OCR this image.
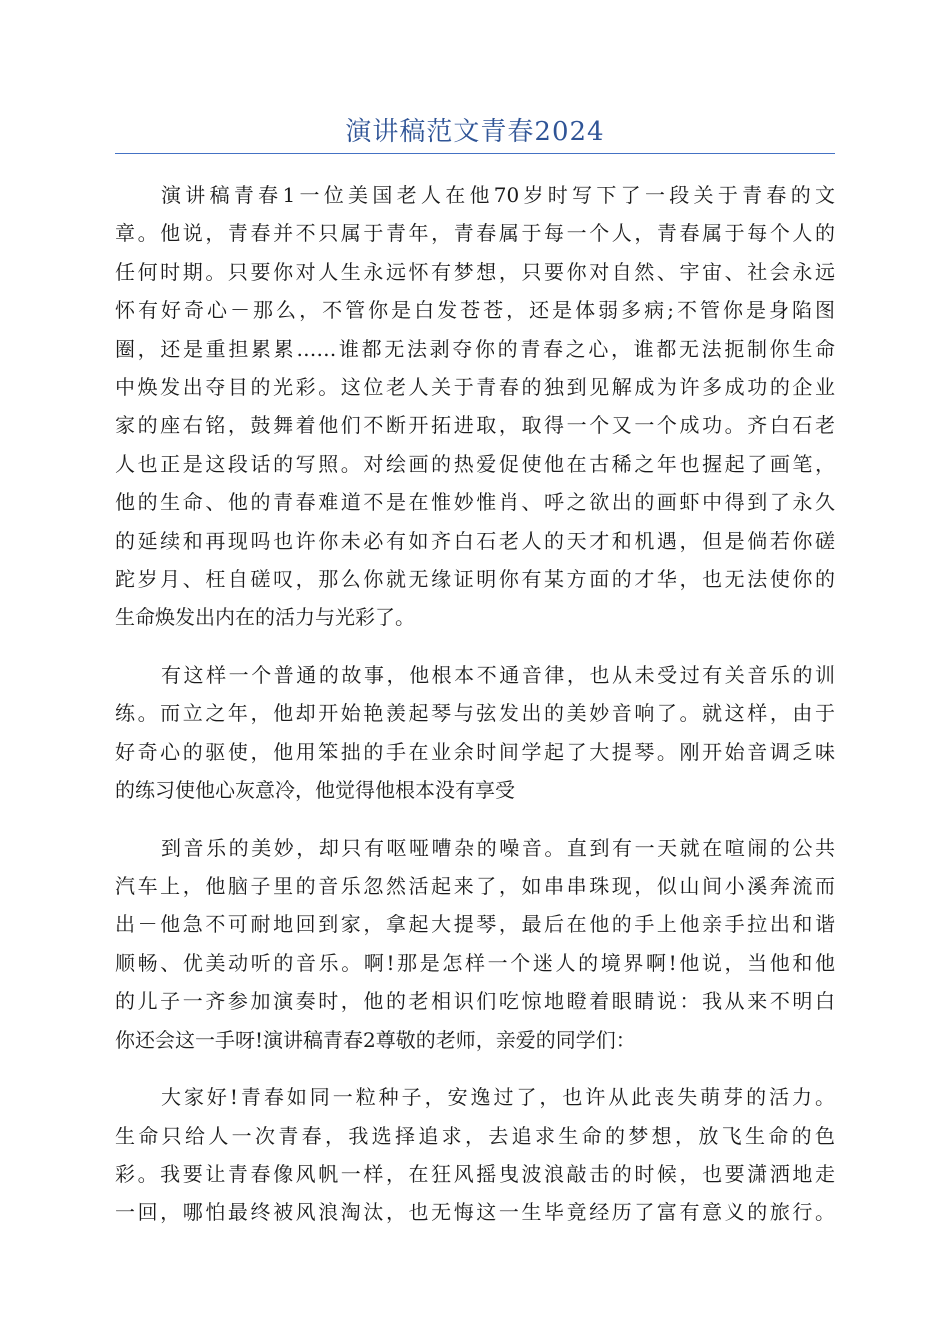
演讲稿范文青春2024
演讲稿青春1一位美国老人在他70岁时写下了一段关于青春的文
章。他说，青春并不只属于青年，青春属于每一个人，青春属于每个人的
任何时期。只要你对人生永远怀有梦想，只要你对自然、宇宙、社会永远
怀有好奇心－那么，不管你是白发苍苍，还是体弱多病;不管你是身陷图
圈，还是重担累累……谁都无法剥夺你的青春之心，谁都无法扼制你生命
中焕发出夺目的光彩。这位老人关于青春的独到见解成为许多成功的企业
家的座右铭，鼓舞着他们不断开拓进取，取得一个又一个成功。齐白石老
人也正是这段话的写照。对绘画的热爱促使他在古稀之年也握起了画笔，
他的生命、他的青春难道不是在惟妙惟肖、呼之欲出的画虾中得到了永久
的延续和再现吗也许你未必有如齐白石老人的天才和机遇，但是倘若你磋
跎岁月、枉自磋叹，那么你就无缘证明你有某方面的才华，也无法使你的
生命焕发出内在的活力与光彩了。
有这样一个普通的故事，他根本不通音律，也从未受过有关音乐的训
练。而立之年，他却开始艳羡起琴与弦发出的美妙音响了。就这样，由于
好奇心的驱使，他用笨拙的手在业余时间学起了大提琴。刚开始音调乏味
的练习使他心灰意冷，他觉得他根本没有享受
到音乐的美妙，却只有呕哑嘈杂的噪音。直到有一天就在喧闹的公共
汽车上，他脑子里的音乐忽然活起来了，如串串珠现，似山间小溪奔流而
出－他急不可耐地回到家，拿起大提琴，最后在他的手上他亲手拉出和谐
顺畅、优美动听的音乐。啊!那是怎样一个迷人的境界啊!他说，当他和他
的儿子一齐参加演奏时，他的老相识们吃惊地瞪着眼睛说：我从来不明白
你还会这一手呀!演讲稿青春2尊敬的老师，亲爱的同学们：
大家好!青春如同一粒种子，安逸过了，也许从此丧失萌芽的活力。
生命只给人一次青春，我选择追求，去追求生命的梦想，放飞生命的色
彩。我要让青春像风帆一样，在狂风摇曳波浪敲击的时候，也要潇洒地走
一回，哪怕最终被风浪淘汰，也无悔这一生毕竟经历了富有意义的旅行。
